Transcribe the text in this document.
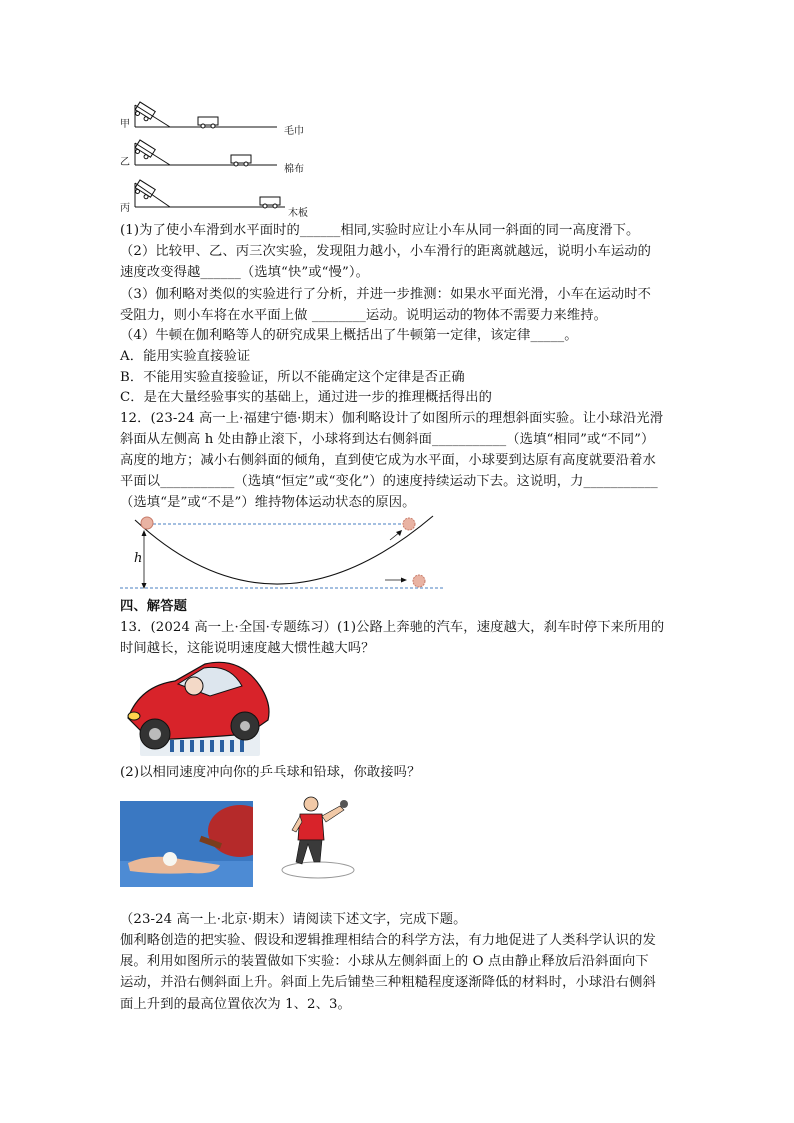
甲
毛巾
乙
棉布
丙	木板
(1)为了使小车滑到水平面时的______相同,实验时应让小车从同一斜面的同一高度滑下。
（2）比较甲、乙、丙三次实验，发现阻力越小，小车滑行的距离就越远，说明小车运动的
速度改变得越______（选填“快”或“慢”）。
（3）伽利略对类似的实验进行了分析，并进一步推测：如果水平面光滑，小车在运动时不
受阻力，则小车将在水平面上做 ________运动。说明运动的物体不需要力来维持。
（4）牛顿在伽利略等人的研究成果上概括出了牛顿第一定律，该定律_____。
A．能用实验直接验证
B．不能用实验直接验证，所以不能确定这个定律是否正确
C．是在大量经验事实的基础上，通过进一步的推理概括得出的
12．(23-24 高一上·福建宁德·期末）伽利略设计了如图所示的理想斜面实验。让小球沿光滑
斜面从左侧高 h 处由静止滚下，小球将到达右侧斜面___________（选填“相同”或“不同”）
高度的地方；减小右侧斜面的倾角，直到使它成为水平面，小球要到达原有高度就要沿着水
平面以___________（选填“恒定”或“变化”）的速度持续运动下去。这说明，力___________
（选填“是”或“不是”）维持物体运动状态的原因。
h
四、解答题
13．(2024 高一上·全国·专题练习）(1)公路上奔驰的汽车，速度越大，刹车时停下来所用的
时间越长，这能说明速度越大惯性越大吗？
(2)以相同速度冲向你的乒乓球和铅球，你敢接吗？
（23-24 高一上·北京·期末）请阅读下述文字，完成下题。
伽利略创造的把实验、假设和逻辑推理相结合的科学方法，有力地促进了人类科学认识的发
展。利用如图所示的装置做如下实验：小球从左侧斜面上的 O 点由静止释放后沿斜面向下
运动，并沿右侧斜面上升。斜面上先后铺垫三种粗糙程度逐渐降低的材料时，小球沿右侧斜
面上升到的最高位置依次为 1、2、3。
